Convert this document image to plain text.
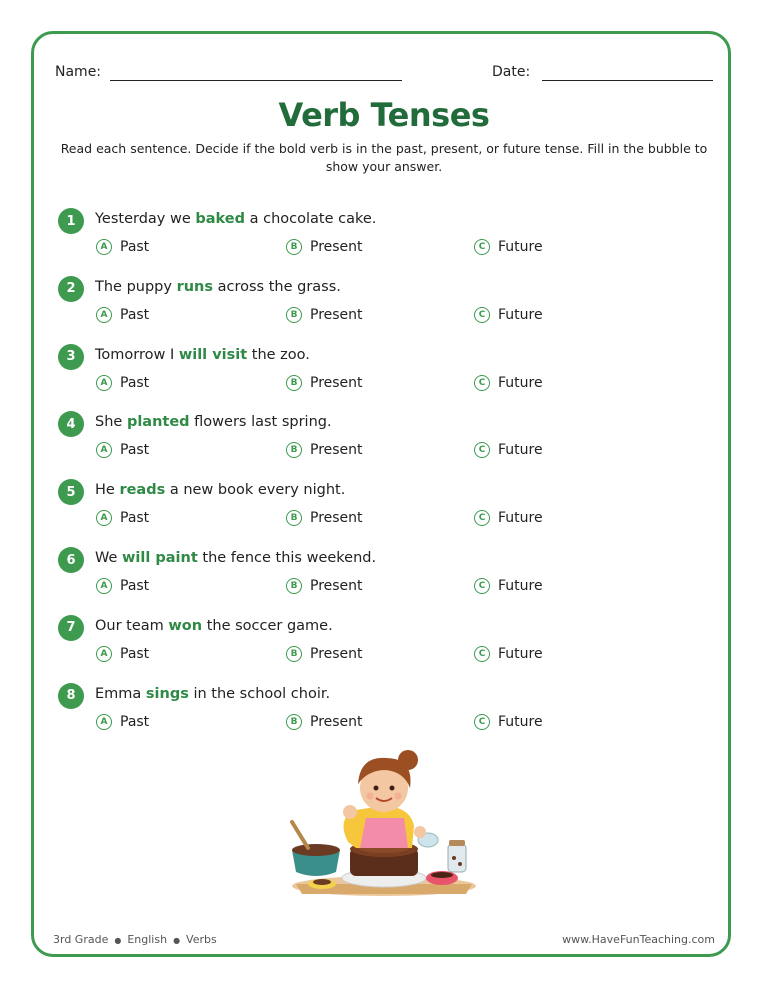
Name:	Date:
Verb Tenses
Read each sentence. Decide if the bold verb is in the past, present, or future tense. Fill in the bubble to show your answer.
1	Yesterday we baked a chocolate cake.
A Past	B Present	C Future
2	The puppy runs across the grass.
A Past	B Present	C Future
3	Tomorrow I will visit the zoo.
A Past	B Present	C Future
4	She planted flowers last spring.
A Past	B Present	C Future
5	He reads a new book every night.
A Past	B Present	C Future
6	We will paint the fence this weekend.
A Past	B Present	C Future
7	Our team won the soccer game.
A Past	B Present	C Future
8	Emma sings in the school choir.
A Past	B Present	C Future
3rd Grade ● English ● Verbs	www.HaveFunTeaching.com
